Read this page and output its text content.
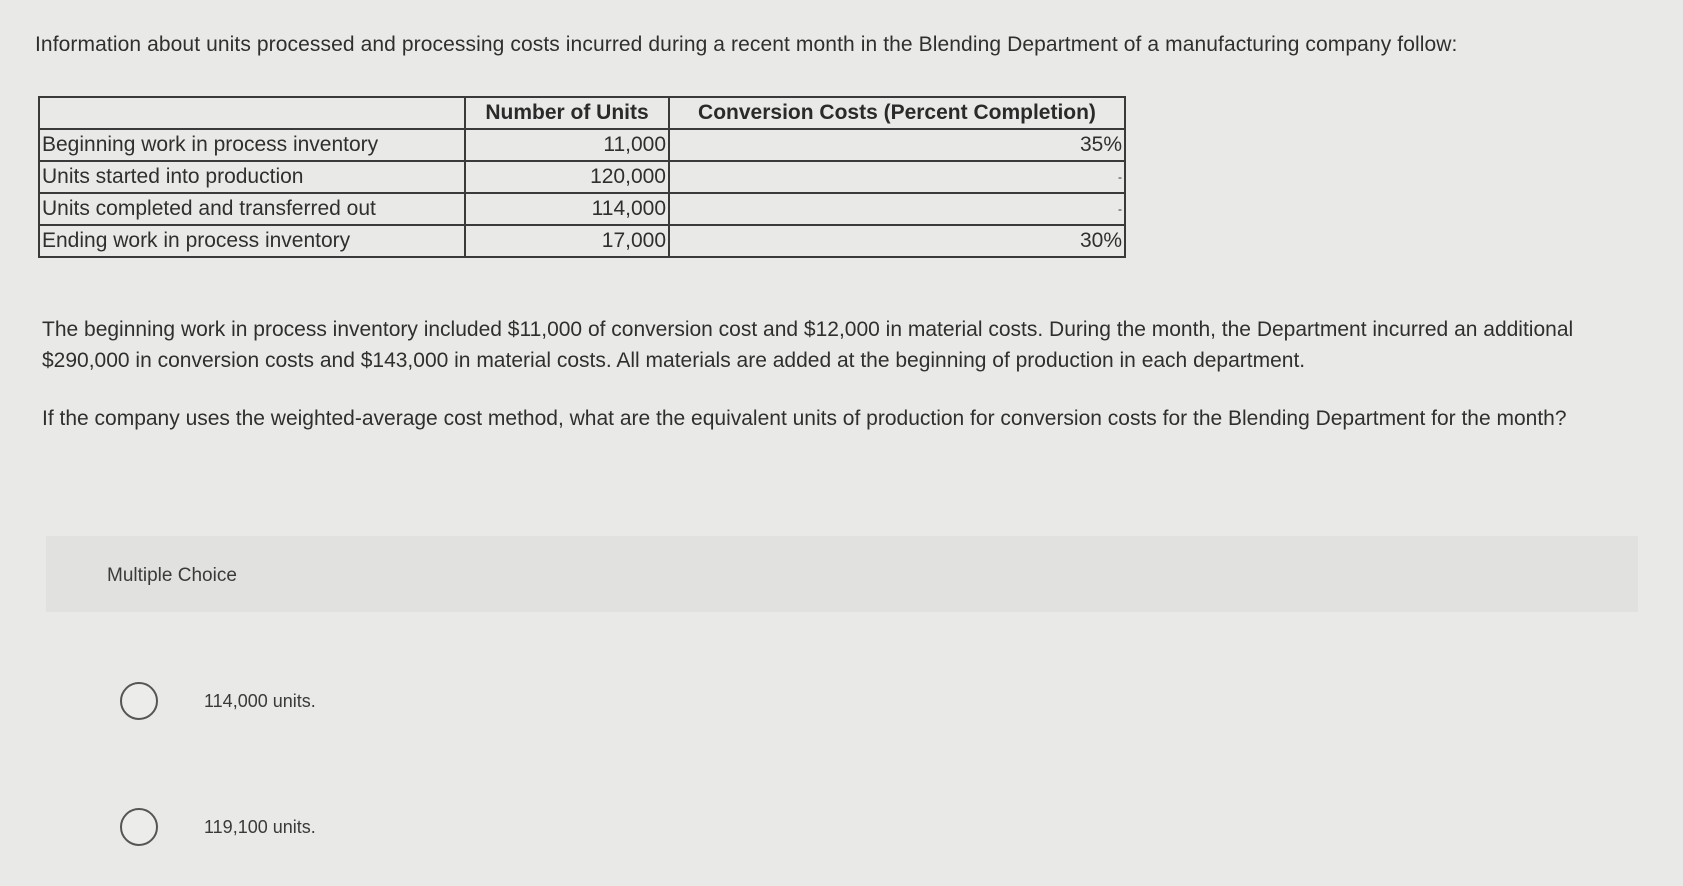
Information about units processed and processing costs incurred during a recent month in the Blending Department of a manufacturing company follow:
	Number of Units	Conversion Costs (Percent Completion)
Beginning work in process inventory	11,000	35%
Units started into production	120,000	-
Units completed and transferred out	114,000	-
Ending work in process inventory	17,000	30%
The beginning work in process inventory included $11,000 of conversion cost and $12,000 in material costs. During the month, the Department incurred an additional $290,000 in conversion costs and $143,000 in material costs. All materials are added at the beginning of production in each department.
If the company uses the weighted-average cost method, what are the equivalent units of production for conversion costs for the Blending Department for the month?
Multiple Choice
114,000 units.
119,100 units.
